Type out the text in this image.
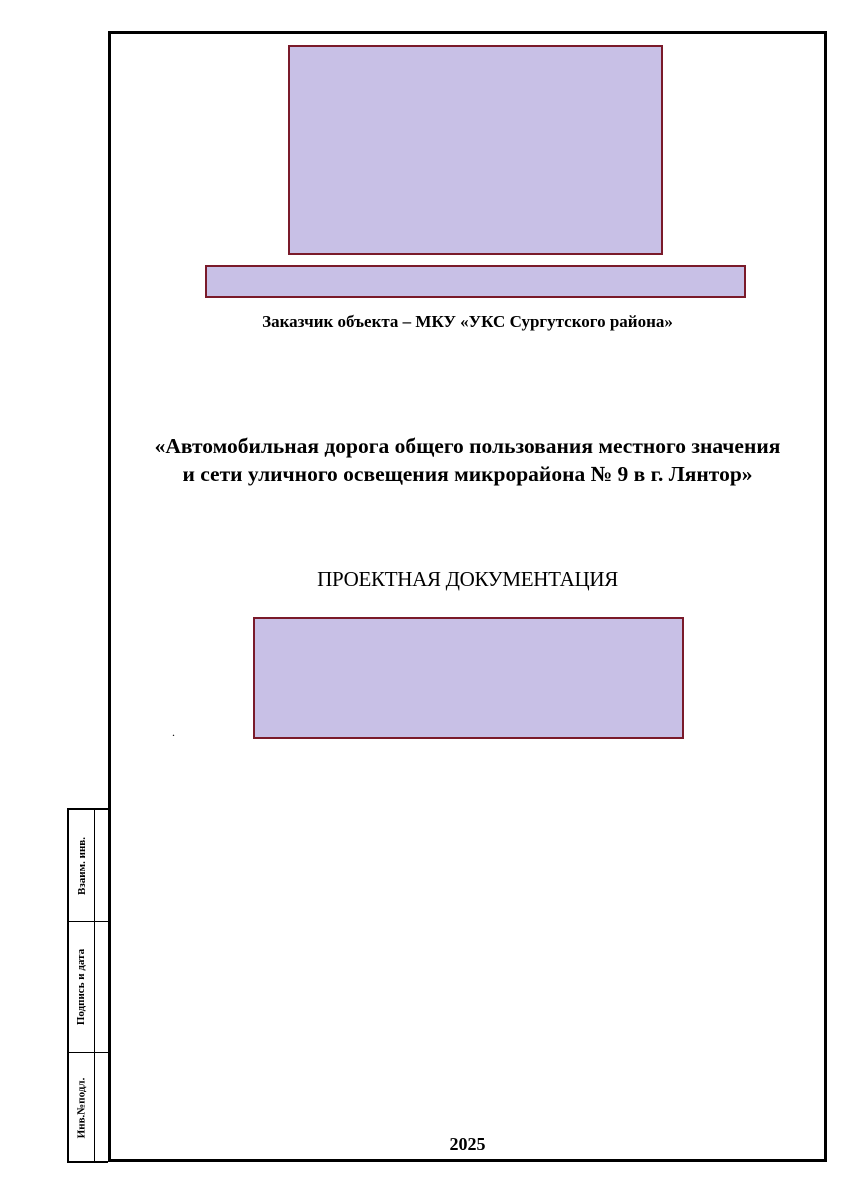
Заказчик объекта – МКУ «УКС Сургутского района»
«Автомобильная дорога общего пользования местного значения
и сети уличного освещения микрорайона № 9 в г. Лянтор»
ПРОЕКТНАЯ ДОКУМЕНТАЦИЯ
.
2025
Взаим. инв.
Подпись и дата
Инв.№подл.
